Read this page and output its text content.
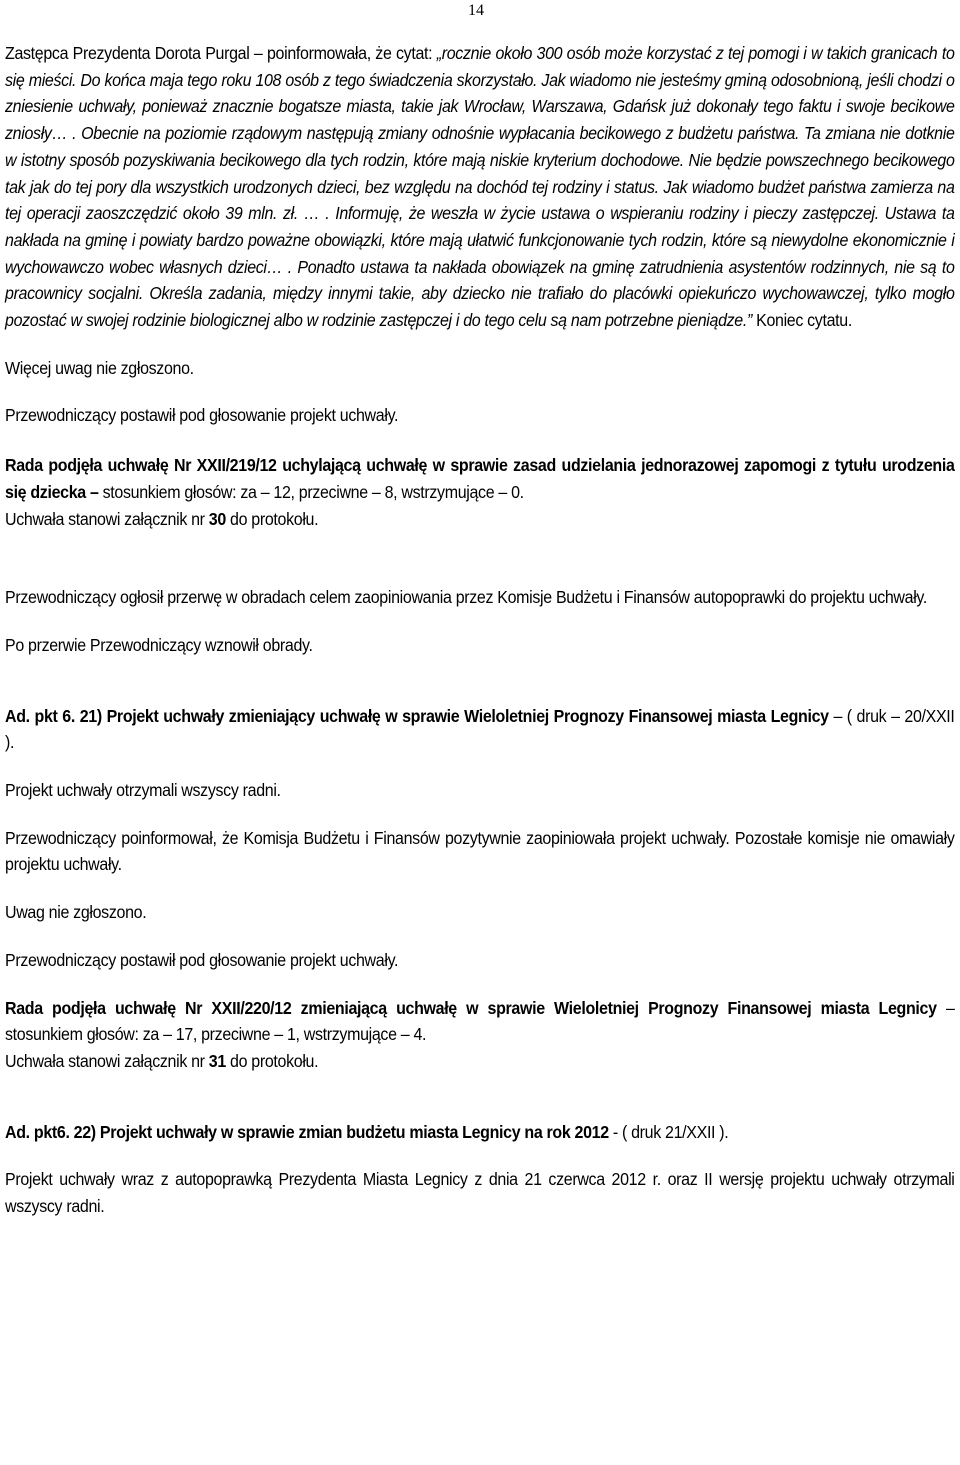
14

Zastępca Prezydenta Dorota Purgal – poinformowała, że cytat: „rocznie około 300 osób może korzystać z tej pomogi i w takich granicach to się mieści. Do końca maja tego roku 108 osób z tego świadczenia skorzystało. Jak wiadomo nie jesteśmy gminą odosobnioną, jeśli chodzi o zniesienie uchwały, ponieważ znacznie bogatsze miasta, takie jak Wrocław, Warszawa, Gdańsk już dokonały tego faktu i swoje becikowe zniosły… . Obecnie na poziomie rządowym następują zmiany odnośnie wypłacania becikowego z budżetu państwa. Ta zmiana nie dotknie w istotny sposób pozyskiwania becikowego dla tych rodzin, które mają niskie kryterium dochodowe. Nie będzie powszechnego becikowego tak jak do tej pory dla wszystkich urodzonych dzieci, bez względu na dochód tej rodziny i status. Jak wiadomo budżet państwa zamierza na tej operacji zaoszczędzić około 39 mln. zł. … . Informuję, że weszła w życie ustawa o wspieraniu rodziny i pieczy zastępczej. Ustawa ta nakłada na gminę i powiaty bardzo poważne obowiązki, które mają ułatwić funkcjonowanie tych rodzin, które są niewydolne ekonomicznie i wychowawczo wobec własnych dzieci… . Ponadto ustawa ta nakłada obowiązek na gminę zatrudnienia asystentów rodzinnych, nie są to pracownicy socjalni. Określa zadania, między innymi takie, aby dziecko nie trafiało do placówki opiekuńczo wychowawczej, tylko mogło pozostać w swojej rodzinie biologicznej albo w rodzinie zastępczej i do tego celu są nam potrzebne pieniądze.” Koniec cytatu.

Więcej uwag nie zgłoszono.

Przewodniczący postawił pod głosowanie projekt uchwały.

Rada podjęła uchwałę Nr XXII/219/12 uchylającą uchwałę w sprawie zasad udzielania jednorazowej zapomogi z tytułu urodzenia się dziecka – stosunkiem głosów: za – 12, przeciwne – 8, wstrzymujące – 0.
Uchwała stanowi załącznik nr 30 do protokołu.

Przewodniczący ogłosił przerwę w obradach celem zaopiniowania przez Komisje Budżetu i Finansów autopoprawki do projektu uchwały.

Po przerwie Przewodniczący wznowił obrady.

Ad. pkt 6. 21) Projekt uchwały zmieniający uchwałę w sprawie Wieloletniej Prognozy Finansowej miasta Legnicy – ( druk – 20/XXII ).

Projekt uchwały otrzymali wszyscy radni.

Przewodniczący poinformował, że Komisja Budżetu i Finansów pozytywnie zaopiniowała projekt uchwały. Pozostałe komisje nie omawiały projektu uchwały.

Uwag nie zgłoszono.

Przewodniczący postawił pod głosowanie projekt uchwały.

Rada podjęła uchwałę Nr XXII/220/12 zmieniającą uchwałę w sprawie Wieloletniej Prognozy Finansowej miasta Legnicy – stosunkiem głosów: za – 17, przeciwne – 1, wstrzymujące – 4.
Uchwała stanowi załącznik nr 31 do protokołu.

Ad. pkt6. 22) Projekt uchwały w sprawie zmian budżetu miasta Legnicy na rok 2012 - ( druk 21/XXII ).

Projekt uchwały wraz z autopoprawką Prezydenta Miasta Legnicy z dnia 21 czerwca 2012 r. oraz II wersję projektu uchwały otrzymali wszyscy radni.
